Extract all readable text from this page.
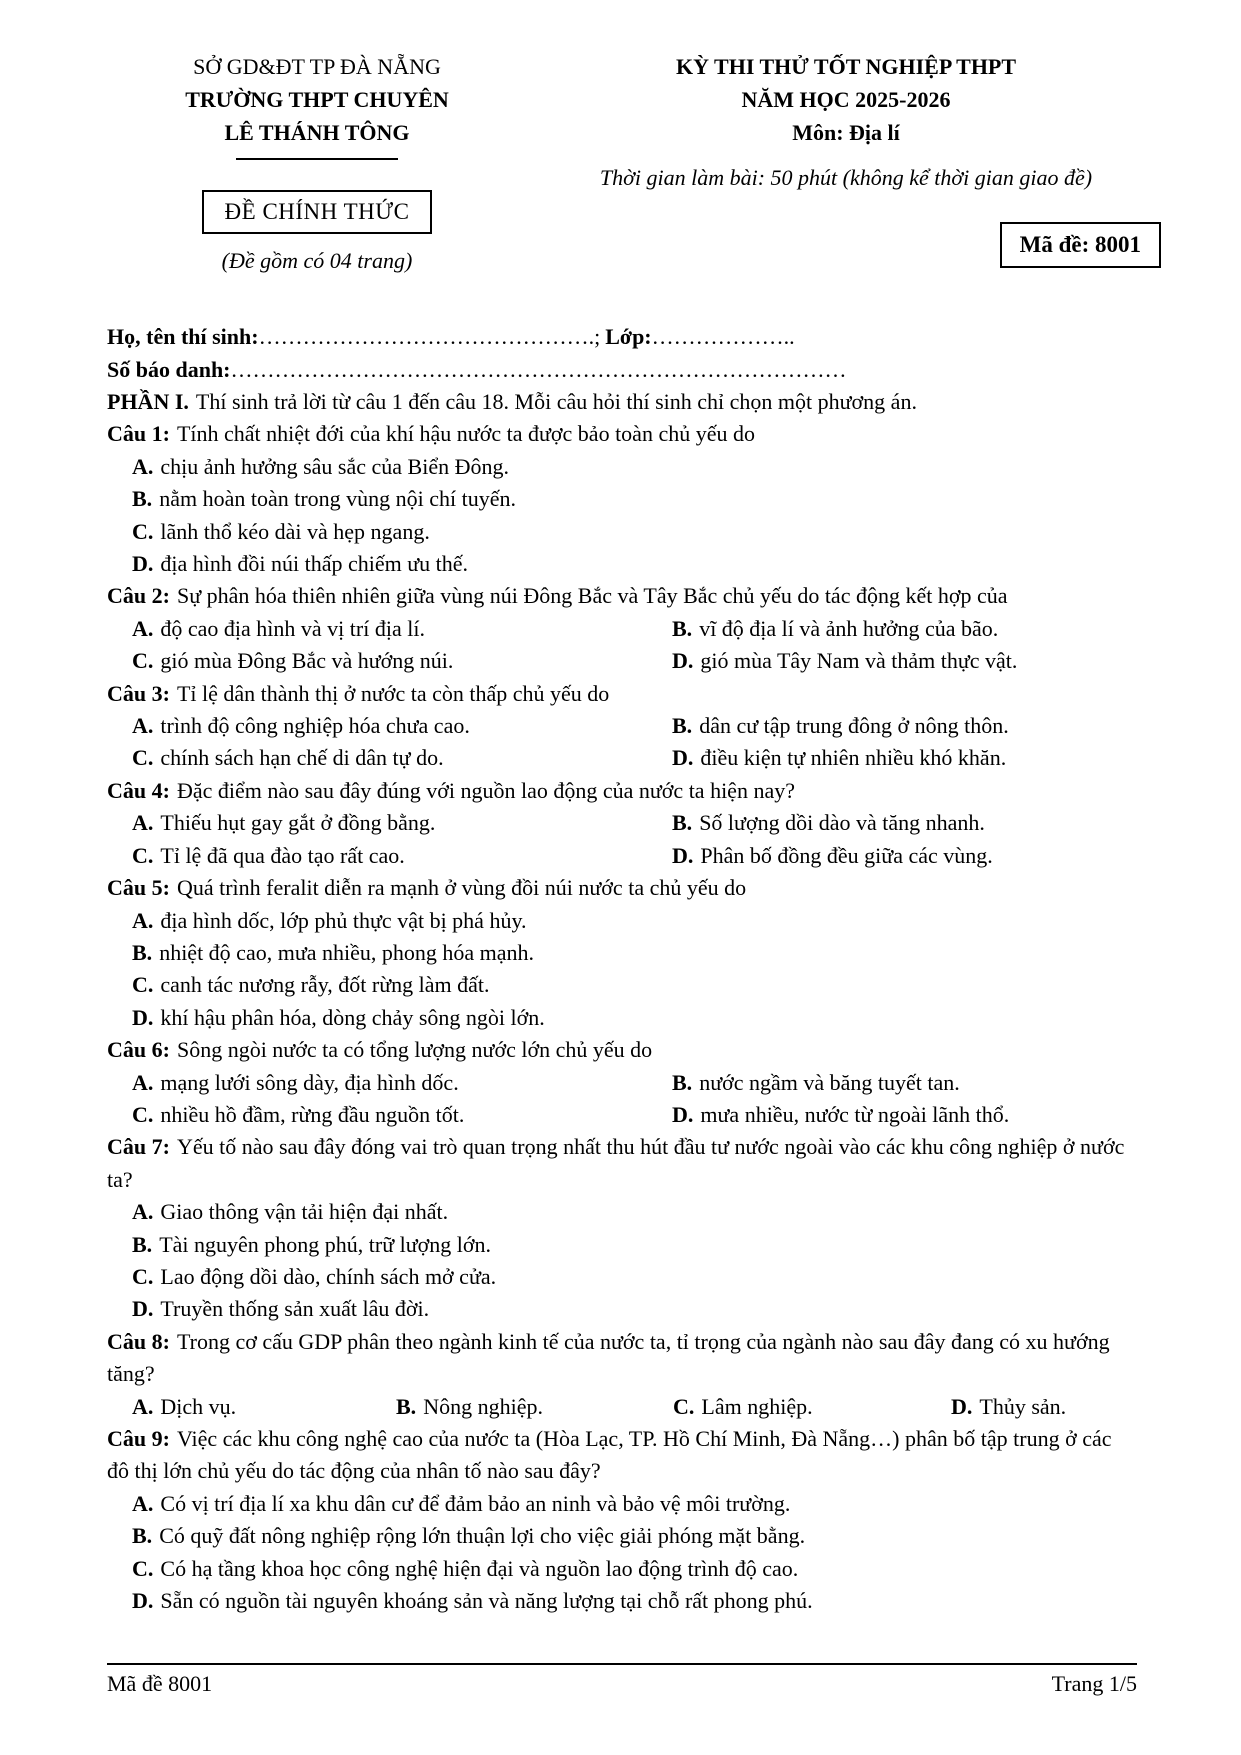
SỞ GD&ĐT TP ĐÀ NẴNG
TRƯỜNG THPT CHUYÊN
LÊ THÁNH TÔNG
ĐỀ CHÍNH THỨC
(Đề gồm có 04 trang)
KỲ THI THỬ TỐT NGHIỆP THPT
NĂM HỌC 2025-2026
Môn: Địa lí
Thời gian làm bài: 50 phút (không kể thời gian giao đề)
Mã đề: 8001
Họ, tên thí sinh:……………………………………….; Lớp:………………..
Số báo danh:…………………………………………………………………………
PHẦN I. Thí sinh trả lời từ câu 1 đến câu 18. Mỗi câu hỏi thí sinh chỉ chọn một phương án.
Câu 1: Tính chất nhiệt đới của khí hậu nước ta được bảo toàn chủ yếu do
A. chịu ảnh hưởng sâu sắc của Biển Đông.
B. nằm hoàn toàn trong vùng nội chí tuyến.
C. lãnh thổ kéo dài và hẹp ngang.
D. địa hình đồi núi thấp chiếm ưu thế.
Câu 2: Sự phân hóa thiên nhiên giữa vùng núi Đông Bắc và Tây Bắc chủ yếu do tác động kết hợp của
A. độ cao địa hình và vị trí địa lí.	B. vĩ độ địa lí và ảnh hưởng của bão.
C. gió mùa Đông Bắc và hướng núi.	D. gió mùa Tây Nam và thảm thực vật.
Câu 3: Tỉ lệ dân thành thị ở nước ta còn thấp chủ yếu do
A. trình độ công nghiệp hóa chưa cao.	B. dân cư tập trung đông ở nông thôn.
C. chính sách hạn chế di dân tự do.	D. điều kiện tự nhiên nhiều khó khăn.
Câu 4: Đặc điểm nào sau đây đúng với nguồn lao động của nước ta hiện nay?
A. Thiếu hụt gay gắt ở đồng bằng.	B. Số lượng dồi dào và tăng nhanh.
C. Tỉ lệ đã qua đào tạo rất cao.	D. Phân bố đồng đều giữa các vùng.
Câu 5: Quá trình feralit diễn ra mạnh ở vùng đồi núi nước ta chủ yếu do
A. địa hình dốc, lớp phủ thực vật bị phá hủy.
B. nhiệt độ cao, mưa nhiều, phong hóa mạnh.
C. canh tác nương rẫy, đốt rừng làm đất.
D. khí hậu phân hóa, dòng chảy sông ngòi lớn.
Câu 6: Sông ngòi nước ta có tổng lượng nước lớn chủ yếu do
A. mạng lưới sông dày, địa hình dốc.	B. nước ngầm và băng tuyết tan.
C. nhiều hồ đầm, rừng đầu nguồn tốt.	D. mưa nhiều, nước từ ngoài lãnh thổ.
Câu 7: Yếu tố nào sau đây đóng vai trò quan trọng nhất thu hút đầu tư nước ngoài vào các khu công nghiệp ở nước ta?
A. Giao thông vận tải hiện đại nhất.
B. Tài nguyên phong phú, trữ lượng lớn.
C. Lao động dồi dào, chính sách mở cửa.
D. Truyền thống sản xuất lâu đời.
Câu 8: Trong cơ cấu GDP phân theo ngành kinh tế của nước ta, tỉ trọng của ngành nào sau đây đang có xu hướng tăng?
A. Dịch vụ.	B. Nông nghiệp.	C. Lâm nghiệp.	D. Thủy sản.
Câu 9: Việc các khu công nghệ cao của nước ta (Hòa Lạc, TP. Hồ Chí Minh, Đà Nẵng…) phân bố tập trung ở các đô thị lớn chủ yếu do tác động của nhân tố nào sau đây?
A. Có vị trí địa lí xa khu dân cư để đảm bảo an ninh và bảo vệ môi trường.
B. Có quỹ đất nông nghiệp rộng lớn thuận lợi cho việc giải phóng mặt bằng.
C. Có hạ tầng khoa học công nghệ hiện đại và nguồn lao động trình độ cao.
D. Sẵn có nguồn tài nguyên khoáng sản và năng lượng tại chỗ rất phong phú.
Mã đề 8001	Trang 1/5
